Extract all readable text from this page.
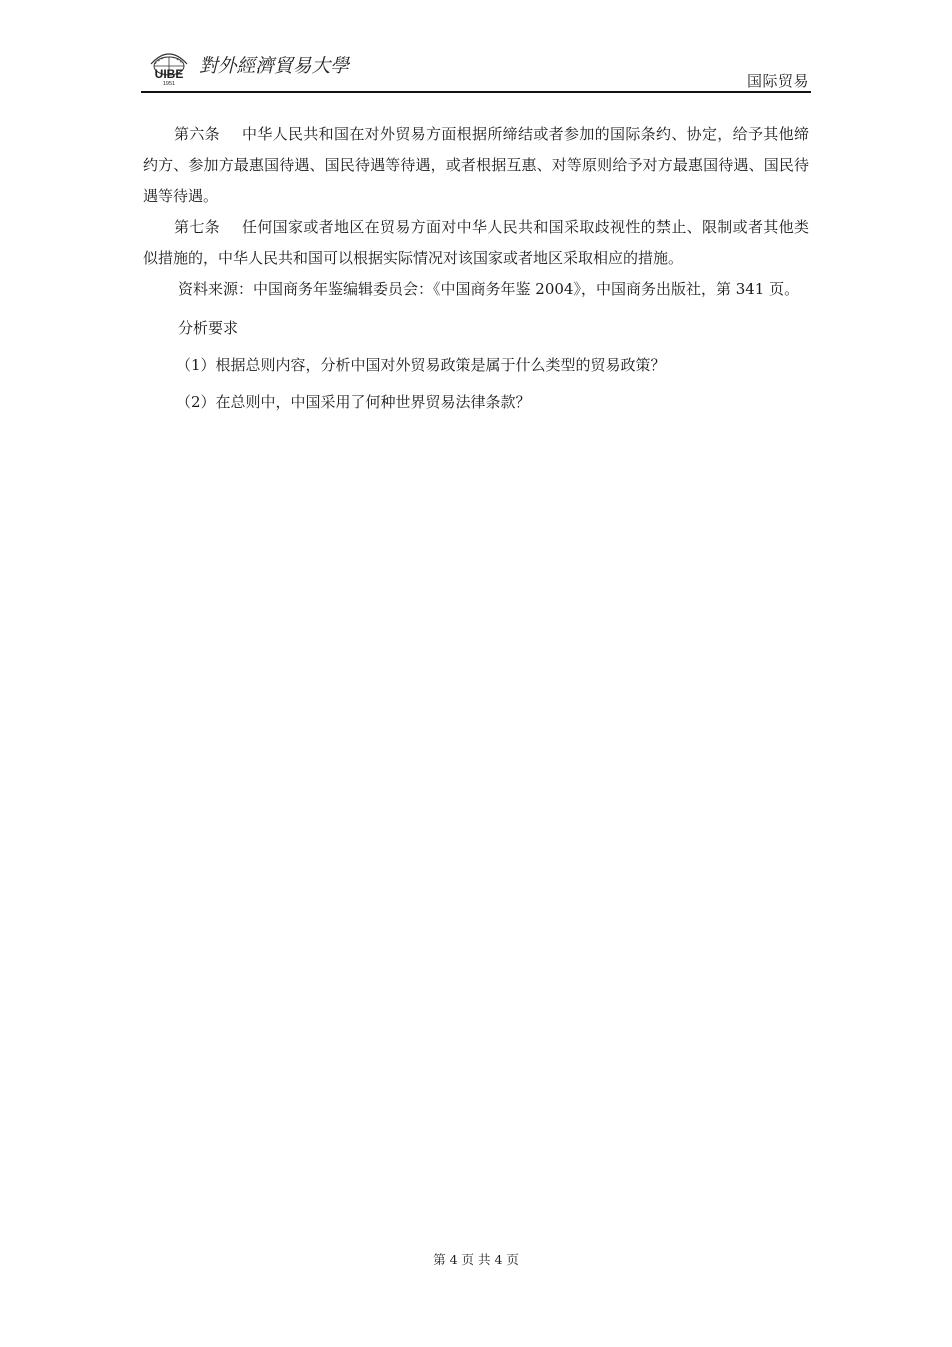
UIBE
1951
對外經濟貿易大學
国际贸易

第六条 中华人民共和国在对外贸易方面根据所缔结或者参加的国际条约、协定，给予其他缔约方、参加方最惠国待遇、国民待遇等待遇，或者根据互惠、对等原则给予对方最惠国待遇、国民待遇等待遇。

第七条 任何国家或者地区在贸易方面对中华人民共和国采取歧视性的禁止、限制或者其他类似措施的，中华人民共和国可以根据实际情况对该国家或者地区采取相应的措施。

资料来源：中国商务年鉴编辑委员会：《中国商务年鉴 2004》，中国商务出版社，第 341 页。

分析要求

（1）根据总则内容，分析中国对外贸易政策是属于什么类型的贸易政策？

（2）在总则中，中国采用了何种世界贸易法律条款？

第 4 页 共 4 页
